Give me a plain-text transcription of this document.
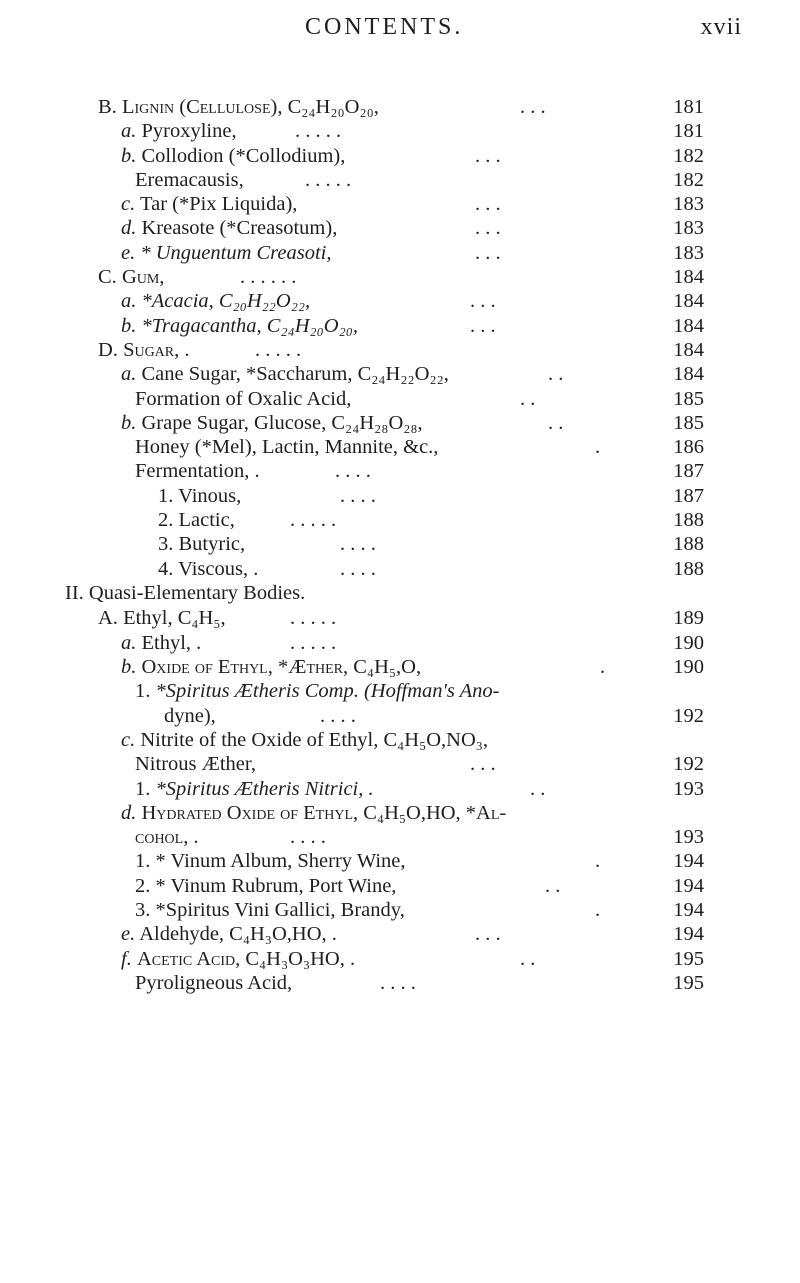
CONTENTS.	xvii
B. Lignin (Cellulose), C₂₄H₂₀O₂₀,	. . .	181
a. Pyroxyline,	. . . . .	181
b. Collodion (*Collodium),	. . .	182
Eremacausis,	. . . . .	182
c. Tar (*Pix Liquida),	. . .	183
d. Kreasote (*Creasotum),	. . .	183
e. * Unguentum Creasoti,	. . .	183
C. Gum,	. . . . . .	184
a. *Acacia, C₂₀H₂₂O₂₂,	. . .	184
b. *Tragacantha, C₂₄H₂₀O₂₀,	. . .	184
D. Sugar, .	. . . . .	184
a. Cane Sugar, *Saccharum, C₂₄H₂₂O₂₂,	. .	184
Formation of Oxalic Acid,	. .	185
b. Grape Sugar, Glucose, C₂₄H₂₈O₂₈,	. .	185
Honey (*Mel), Lactin, Mannite, &c.,	.	186
Fermentation, .	. . . .	187
1. Vinous,	. . . .	187
2. Lactic,	. . . . .	188
3. Butyric,	. . . .	188
4. Viscous, .	. . . .	188
II. Quasi-Elementary Bodies.
A. Ethyl, C₄H₅,	. . . . .	189
a. Ethyl, .	. . . . .	190
b. Oxide of Ethyl, *Æther, C₄H₅,O,	.	190
1. *Spiritus Ætheris Comp. (Hoffman's Ano-
dyne),	. . . .	192
c. Nitrite of the Oxide of Ethyl, C₄H₅O,NO₃,
Nitrous Æther,	. . .	192
1. *Spiritus Ætheris Nitrici, .	. .	193
d. Hydrated Oxide of Ethyl, C₄H₅O,HO, *Al-
cohol, .	. . . .	193
1. * Vinum Album, Sherry Wine,	.	194
2. * Vinum Rubrum, Port Wine,	. .	194
3. *Spiritus Vini Gallici, Brandy,	.	194
e. Aldehyde, C₄H₃O,HO, .	. . .	194
f. Acetic Acid, C₄H₃O₃HO, .	. .	195
Pyroligneous Acid,	. . . .	195
